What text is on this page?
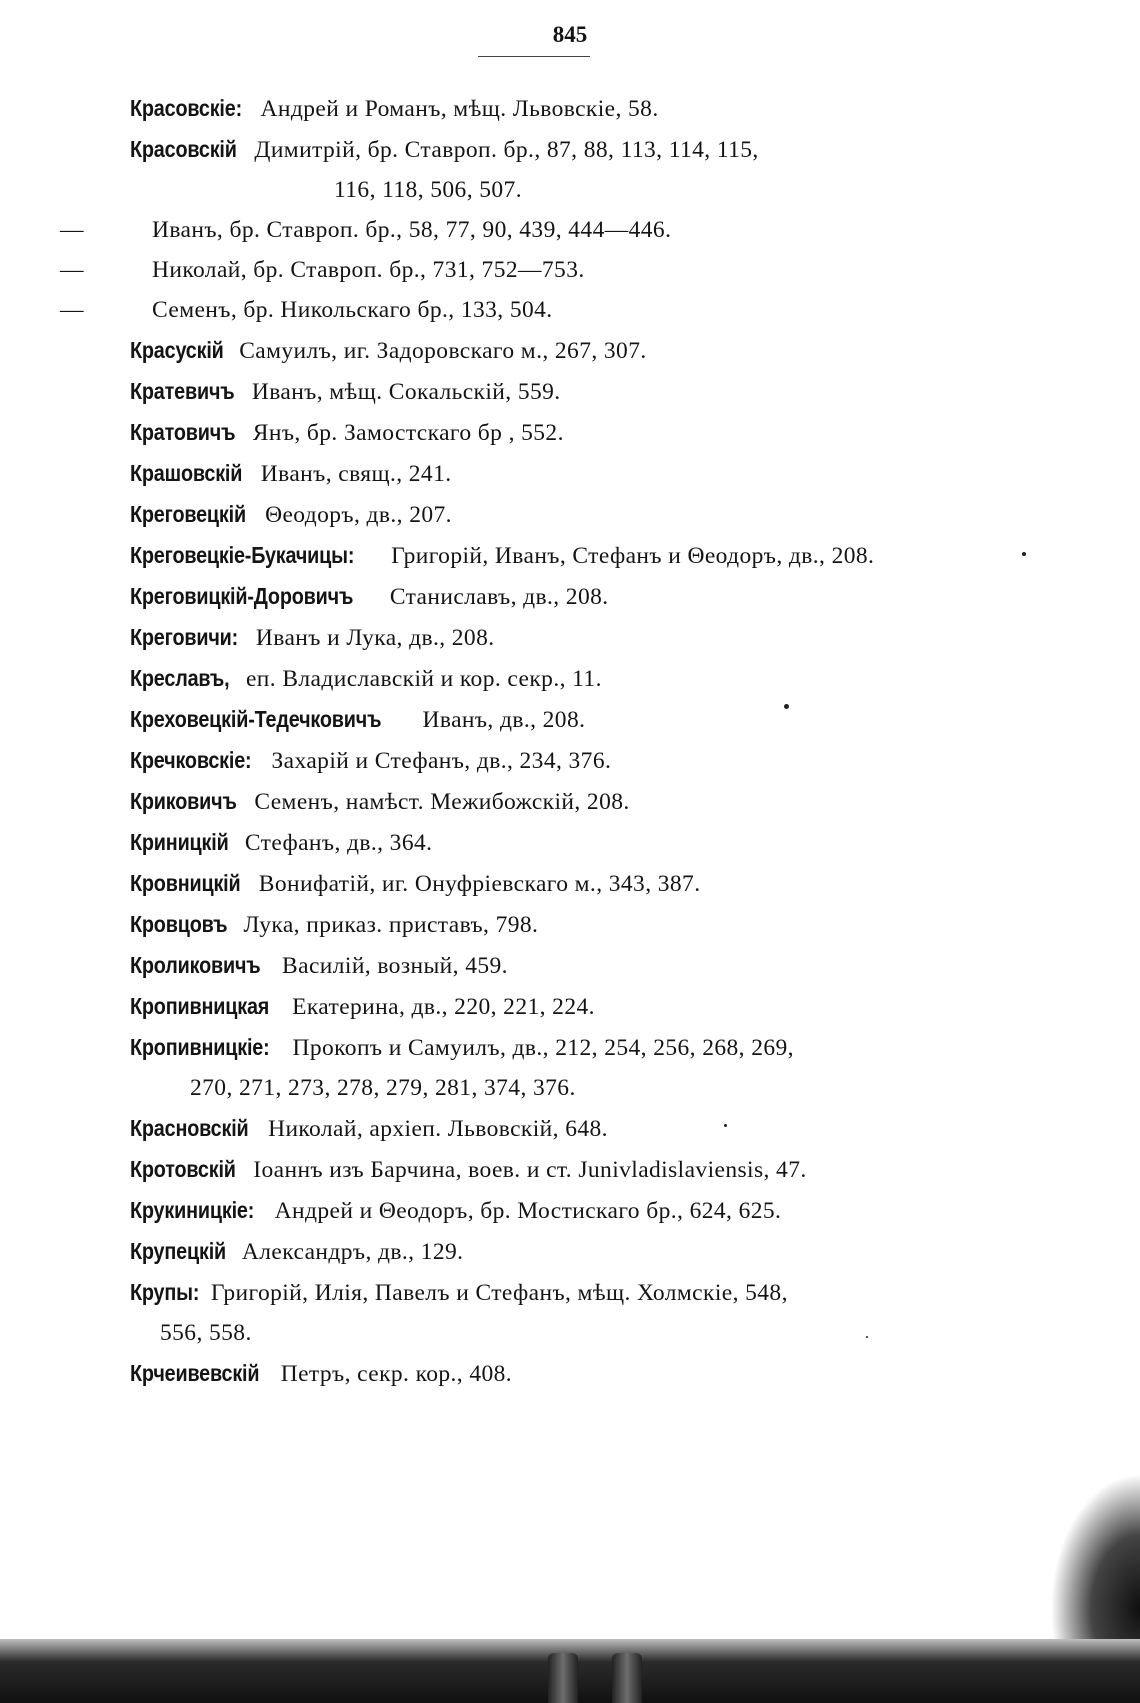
845
Красовскіе: Андрей и Романъ, мѣщ. Львовскіе, 58.
Красовскій Димитрій, бр. Ставроп. бр., 87, 88, 113, 114, 115,
116, 118, 506, 507.
—	Иванъ, бр. Ставроп. бр., 58, 77, 90, 439, 444—446.
—	Николай, бр. Ставроп. бр., 731, 752—753.
—	Семенъ, бр. Никольскаго бр., 133, 504.
Красускій Самуилъ, иг. Задоровскаго м., 267, 307.
Кратевичъ Иванъ, мѣщ. Сокальскій, 559.
Кратовичъ Янъ, бр. Замостскаго бр , 552.
Крашовскій Иванъ, свящ., 241.
Креговецкій Θеодоръ, дв., 207.
Креговецкіе-Букачицы: Григорій, Иванъ, Стефанъ и Θеодоръ, дв., 208.
Креговицкій-Доровичъ Станиславъ, дв., 208.
Креговичи: Иванъ и Лука, дв., 208.
Креславъ, еп. Владиславскій и кор. секр., 11.
Креховецкій-Тедечковичъ Иванъ, дв., 208.
Кречковскіе: Захарій и Стефанъ, дв., 234, 376.
Криковичъ Семенъ, намѣст. Межибожскій, 208.
Криницкій Стефанъ, дв., 364.
Кровницкій Вонифатій, иг. Онуфріевскаго м., 343, 387.
Кровцовъ Лука, приказ. приставъ, 798.
Кроликовичъ Василій, возный, 459.
Кропивницкая Екатерина, дв., 220, 221, 224.
Кропивницкіе: Прокопъ и Самуилъ, дв., 212, 254, 256, 268, 269,
270, 271, 273, 278, 279, 281, 374, 376.
Красновскій Николай, архіеп. Львовскій, 648.
Кротовскій Іоаннъ изъ Барчина, воев. и ст. Junivladislaviensis, 47.
Крукиницкіе: Андрей и Θеодоръ, бр. Мостискаго бр., 624, 625.
Крупецкій Александръ, дв., 129.
Крупы: Григорій, Илія, Павелъ и Стефанъ, мѣщ. Холмскіе, 548,
556, 558.
Крчеивевскій Петръ, секр. кор., 408.
